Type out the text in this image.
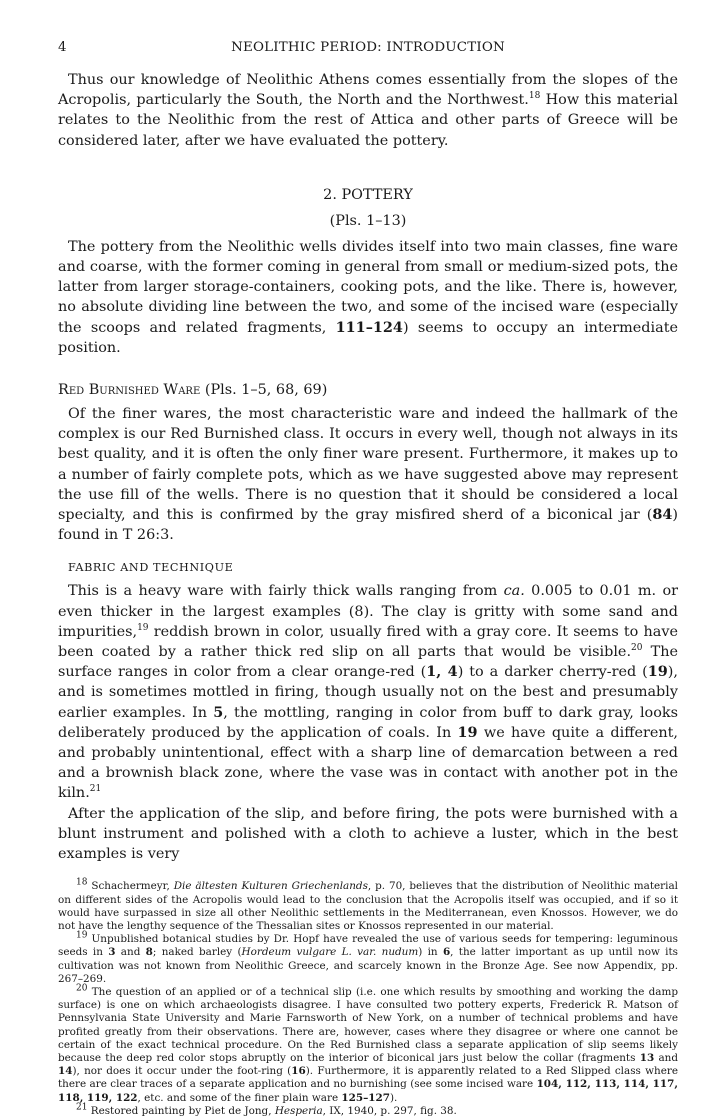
4	NEOLITHIC PERIOD: INTRODUCTION

Thus our knowledge of Neolithic Athens comes essentially from the slopes of the Acropolis, particularly the South, the North and the Northwest.$^{18}$ How this material relates to the Neolithic from the rest of Attica and other parts of Greece will be considered later, after we have evaluated the pottery.

2. POTTERY
(Pls. 1–13)

The pottery from the Neolithic wells divides itself into two main classes, fine ware and coarse, with the former coming in general from small or medium-sized pots, the latter from larger storage-containers, cooking pots, and the like. There is, however, no absolute dividing line between the two, and some of the incised ware (especially the scoops and related fragments, 111–124) seems to occupy an intermediate position.

Red Burnished Ware (Pls. 1–5, 68, 69)

Of the finer wares, the most characteristic ware and indeed the hallmark of the complex is our Red Burnished class. It occurs in every well, though not always in its best quality, and it is often the only finer ware present. Furthermore, it makes up to a number of fairly complete pots, which as we have suggested above may represent the use fill of the wells. There is no question that it should be considered a local specialty, and this is confirmed by the gray misfired sherd of a biconical jar (84) found in T 26:3.

FABRIC AND TECHNIQUE

This is a heavy ware with fairly thick walls ranging from ca. 0.005 to 0.01 m. or even thicker in the largest examples (8). The clay is gritty with some sand and impurities,$^{19}$ reddish brown in color, usually fired with a gray core. It seems to have been coated by a rather thick red slip on all parts that would be visible.$^{20}$ The surface ranges in color from a clear orange-red (1, 4) to a darker cherry-red (19), and is sometimes mottled in firing, though usually not on the best and presumably earlier examples. In 5, the mottling, ranging in color from buff to dark gray, looks deliberately produced by the application of coals. In 19 we have quite a different, and probably unintentional, effect with a sharp line of demarcation between a red and a brownish black zone, where the vase was in contact with another pot in the kiln.$^{21}$

After the application of the slip, and before firing, the pots were burnished with a blunt instrument and polished with a cloth to achieve a luster, which in the best examples is very

$^{18}$ Schachermeyr, Die ältesten Kulturen Griechenlands, p. 70, believes that the distribution of Neolithic material on different sides of the Acropolis would lead to the conclusion that the Acropolis itself was occupied, and if so it would have surpassed in size all other Neolithic settlements in the Mediterranean, even Knossos. However, we do not have the lengthy sequence of the Thessalian sites or Knossos represented in our material.

$^{19}$ Unpublished botanical studies by Dr. Hopf have revealed the use of various seeds for tempering: leguminous seeds in 3 and 8; naked barley (Hordeum vulgare L. var. nudum) in 6, the latter important as up until now its cultivation was not known from Neolithic Greece, and scarcely known in the Bronze Age. See now Appendix, pp. 267–269.

$^{20}$ The question of an applied or of a technical slip (i.e. one which results by smoothing and working the damp surface) is one on which archaeologists disagree. I have consulted two pottery experts, Frederick R. Matson of Pennsylvania State University and Marie Farnsworth of New York, on a number of technical problems and have profited greatly from their observations. There are, however, cases where they disagree or where one cannot be certain of the exact technical procedure. On the Red Burnished class a separate application of slip seems likely because the deep red color stops abruptly on the interior of biconical jars just below the collar (fragments 13 and 14), nor does it occur under the foot-ring (16). Furthermore, it is apparently related to a Red Slipped class where there are clear traces of a separate application and no burnishing (see some incised ware 104, 112, 113, 114, 117, 118, 119, 122, etc. and some of the finer plain ware 125–127).

$^{21}$ Restored painting by Piet de Jong, Hesperia, IX, 1940, p. 297, fig. 38.
